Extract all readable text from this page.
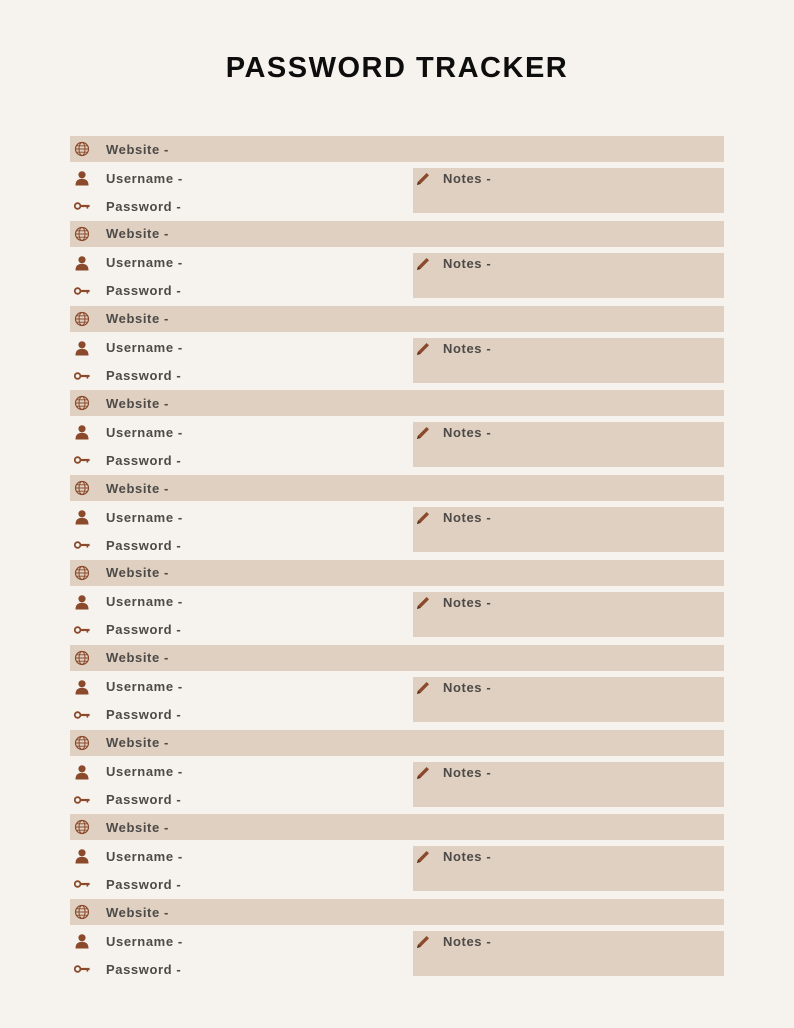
PASSWORD TRACKER
Website -
Username -
Password -
Notes -
Website -
Username -
Password -
Notes -
Website -
Username -
Password -
Notes -
Website -
Username -
Password -
Notes -
Website -
Username -
Password -
Notes -
Website -
Username -
Password -
Notes -
Website -
Username -
Password -
Notes -
Website -
Username -
Password -
Notes -
Website -
Username -
Password -
Notes -
Website -
Username -
Password -
Notes -
